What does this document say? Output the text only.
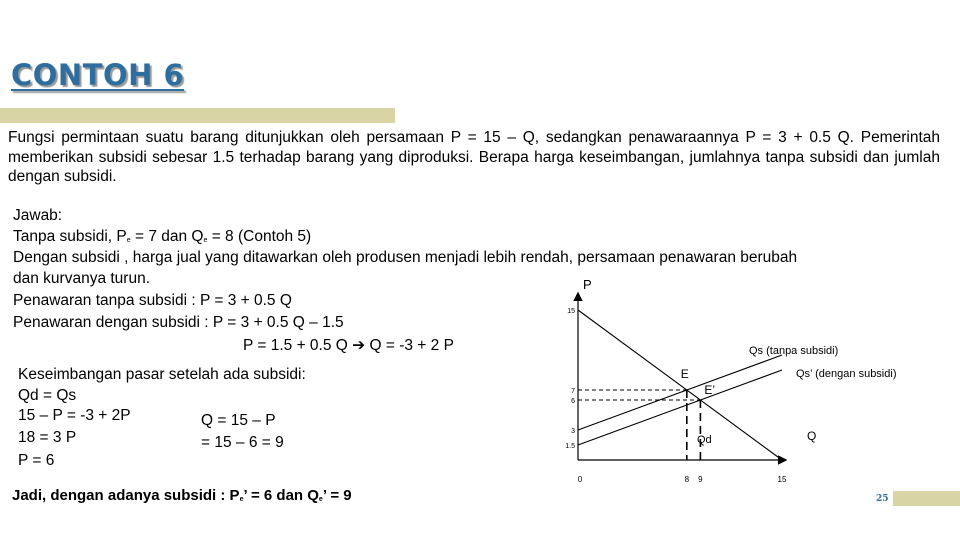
CONTOH 6
25
Fungsi permintaan suatu barang ditunjukkan oleh persamaan P = 15 – Q, sedangkan penawaraannya P = 3 + 0.5 Q. Pemerintah memberikan subsidi sebesar 1.5 terhadap barang yang diproduksi. Berapa harga keseimbangan, jumlahnya tanpa subsidi dan jumlah dengan subsidi.
Jawab:
Tanpa subsidi, Pe = 7 dan Qe = 8 (Contoh 5)
Dengan subsidi , harga jual yang ditawarkan oleh produsen menjadi lebih rendah, persamaan penawaran berubah
dan kurvanya turun.
Penawaran tanpa subsidi : P = 3 + 0.5 Q
Penawaran dengan subsidi : P = 3 + 0.5 Q – 1.5
P = 1.5 + 0.5 Q ➔ Q = -3 + 2 P
Keseimbangan pasar setelah ada subsidi:
Qd = Qs
15 – P = -3 + 2P
18 = 3 P
P = 6
Q = 15 – P
= 15 – 6 = 9
Jadi, dengan adanya subsidi : Pe’ = 6 dan Qe’ = 9
P
Q
E
E’
15
7
6
3
1.5
0	8 9	15
Qs (tanpa subsidi)
Qs’ (dengan subsidi)
Qd
